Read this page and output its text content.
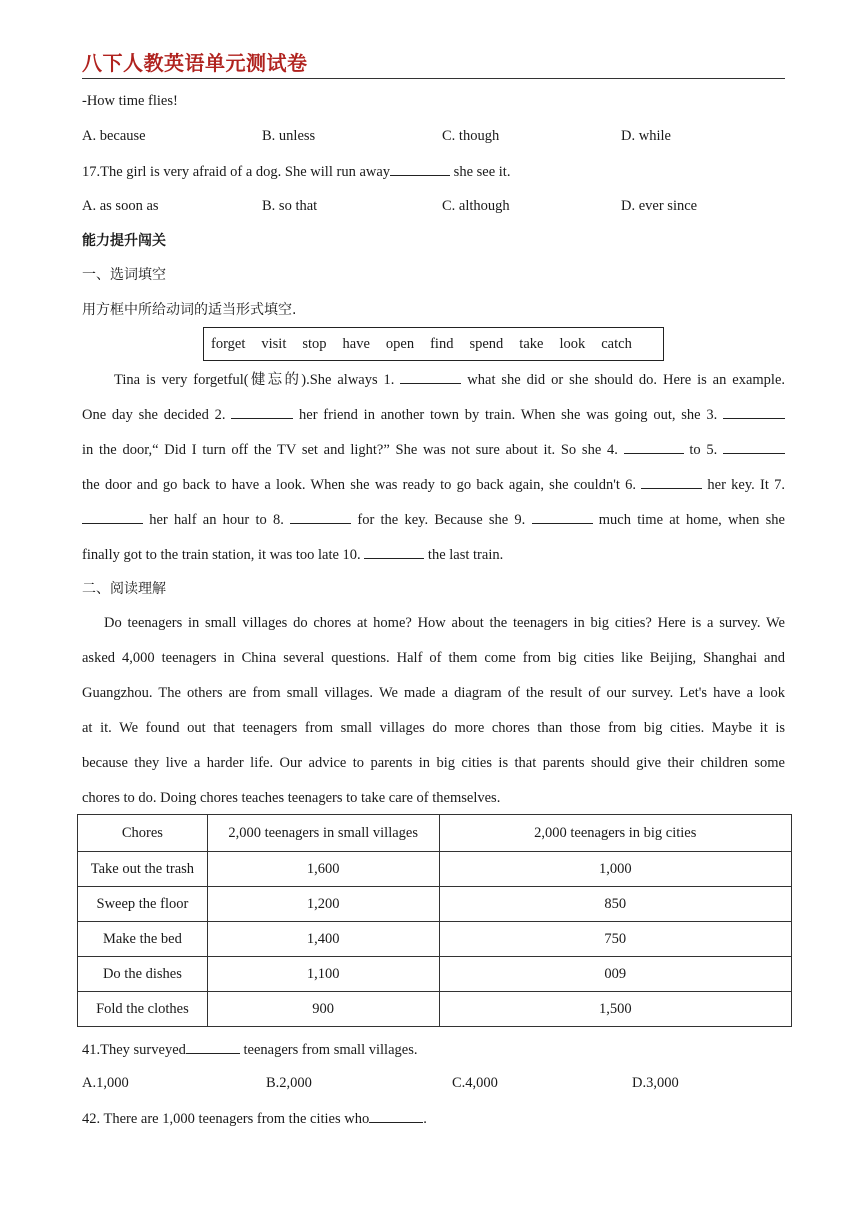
八下人教英语单元测试卷
-How time flies!
A. because	B. unless	C. though	D. while
17.The girl is very afraid of a dog. She will run away	she see it.
A. as soon as	B. so that	C. although	D. ever since
能力提升闯关
一、选词填空
用方框中所给动词的适当形式填空.
forget visit stop have open find spend take look catch
Tina is very forgetful(健忘的).She always 1.	what she did or she should do. Here is an example.
One day she decided 2.	her friend in another town by train. When she was going out, she 3.
in the door,“ Did I turn off the TV set and light?” She was not sure about it. So she 4.	to 5.
the door and go back to have a look. When she was ready to go back again, she couldn't 6.	her key. It 7.
her half an hour to 8.	for the key. Because she 9.	much time at home, when she
finally got to the train station, it was too late 10.	the last train.
二、阅读理解
Do teenagers in small villages do chores at home? How about the teenagers in big cities? Here is a survey. We
asked 4,000 teenagers in China several questions. Half of them come from big cities like Beijing, Shanghai and
Guangzhou. The others are from small villages. We made a diagram of the result of our survey. Let's have a look
at it. We found out that teenagers from small villages do more chores than those from big cities. Maybe it is
because they live a harder life. Our advice to parents in big cities is that parents should give their children some
chores to do. Doing chores teaches teenagers to take care of themselves.
Chores	2,000 teenagers in small villages	2,000 teenagers in big cities
Take out the trash	1,600	1,000
Sweep the floor	1,200	850
Make the bed	1,400	750
Do the dishes	1,100	009
Fold the clothes	900	1,500
41.They surveyed	teenagers from small villages.
A.1,000	B.2,000	C.4,000	D.3,000
42. There are 1,000 teenagers from the cities who	.
